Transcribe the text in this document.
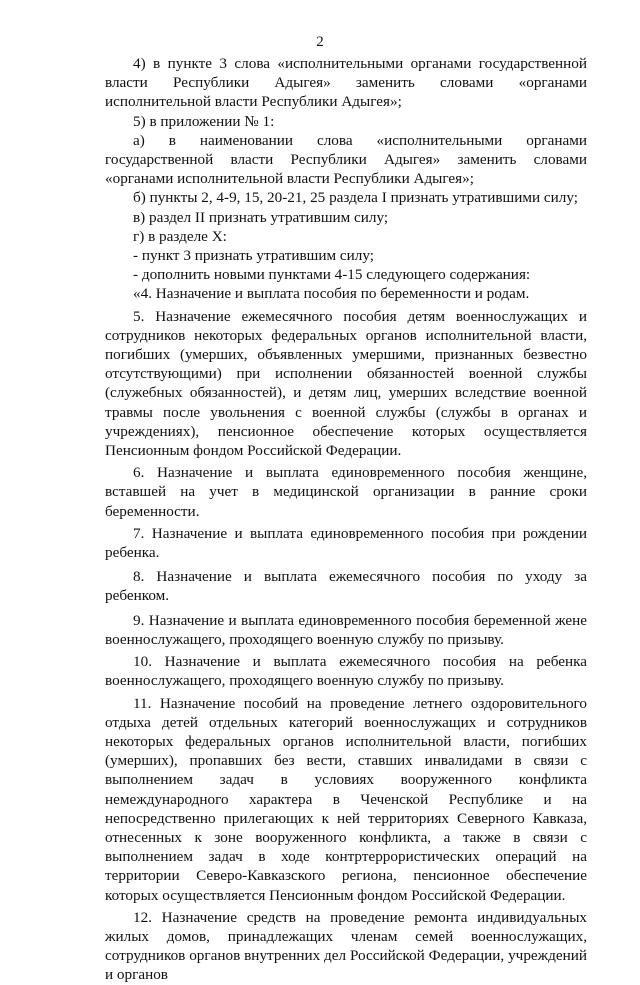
2

4) в пункте 3 слова «исполнительными органами государственной власти Республики Адыгея» заменить словами «органами исполнительной власти Республики Адыгея»;

5) в приложении № 1:

а) в наименовании слова «исполнительными органами государственной власти Республики Адыгея» заменить словами «органами исполнительной власти Республики Адыгея»;

б) пункты 2, 4-9, 15, 20-21, 25 раздела I признать утратившими силу;

в) раздел II признать утратившим силу;

г) в разделе X:

- пункт 3 признать утратившим силу;

- дополнить новыми пунктами 4-15 следующего содержания:

«4. Назначение и выплата пособия по беременности и родам.

5. Назначение ежемесячного пособия детям военнослужащих и сотрудников некоторых федеральных органов исполнительной власти, погибших (умерших, объявленных умершими, признанных безвестно отсутствующими) при исполнении обязанностей военной службы (служебных обязанностей), и детям лиц, умерших вследствие военной травмы после увольнения с военной службы (службы в органах и учреждениях), пенсионное обеспечение которых осуществляется Пенсионным фондом Российской Федерации.

6. Назначение и выплата единовременного пособия женщине, вставшей на учет в медицинской организации в ранние сроки беременности.

7. Назначение и выплата единовременного пособия при рождении ребенка.

8. Назначение и выплата ежемесячного пособия по уходу за ребенком.

9. Назначение и выплата единовременного пособия беременной жене военнослужащего, проходящего военную службу по призыву.

10. Назначение и выплата ежемесячного пособия на ребенка военнослужащего, проходящего военную службу по призыву.

11. Назначение пособий на проведение летнего оздоровительного отдыха детей отдельных категорий военнослужащих и сотрудников некоторых федеральных органов исполнительной власти, погибших (умерших), пропавших без вести, ставших инвалидами в связи с выполнением задач в условиях вооруженного конфликта немеждународного характера в Чеченской Республике и на непосредственно прилегающих к ней территориях Северного Кавказа, отнесенных к зоне вооруженного конфликта, а также в связи с выполнением задач в ходе контртеррористических операций на территории Северо-Кавказского региона, пенсионное обеспечение которых осуществляется Пенсионным фондом Российской Федерации.

12. Назначение средств на проведение ремонта индивидуальных жилых домов, принадлежащих членам семей военнослужащих, сотрудников органов внутренних дел Российской Федерации, учреждений и органов
